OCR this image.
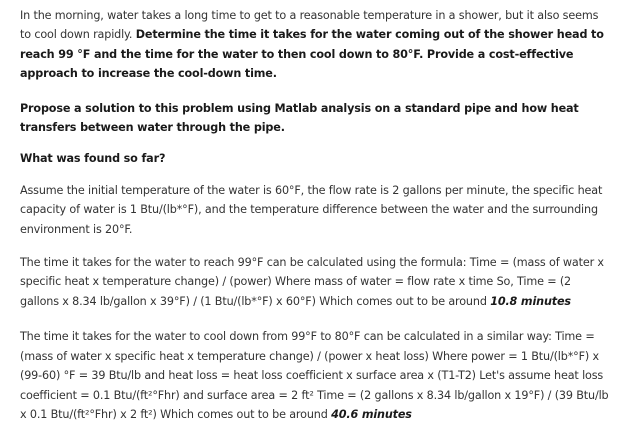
In the morning, water takes a long time to get to a reasonable temperature in a shower, but it also seems to cool down rapidly. Determine the time it takes for the water coming out of the shower head to reach 99 °F and the time for the water to then cool down to 80°F. Provide a cost-effective approach to increase the cool-down time.

Propose a solution to this problem using Matlab analysis on a standard pipe and how heat transfers between water through the pipe.

What was found so far?

Assume the initial temperature of the water is 60°F, the flow rate is 2 gallons per minute, the specific heat capacity of water is 1 Btu/(lb*°F), and the temperature difference between the water and the surrounding environment is 20°F.

The time it takes for the water to reach 99°F can be calculated using the formula: Time = (mass of water x specific heat x temperature change) / (power) Where mass of water = flow rate x time So, Time = (2 gallons x 8.34 lb/gallon x 39°F) / (1 Btu/(lb*°F) x 60°F) Which comes out to be around 10.8 minutes

The time it takes for the water to cool down from 99°F to 80°F can be calculated in a similar way: Time = (mass of water x specific heat x temperature change) / (power x heat loss) Where power = 1 Btu/(lb*°F) x (99-60) °F = 39 Btu/lb and heat loss = heat loss coefficient x surface area x (T1-T2) Let's assume heat loss coefficient = 0.1 Btu/(ft²°Fhr) and surface area = 2 ft² Time = (2 gallons x 8.34 lb/gallon x 19°F) / (39 Btu/lb x 0.1 Btu/(ft²°Fhr) x 2 ft²) Which comes out to be around 40.6 minutes
